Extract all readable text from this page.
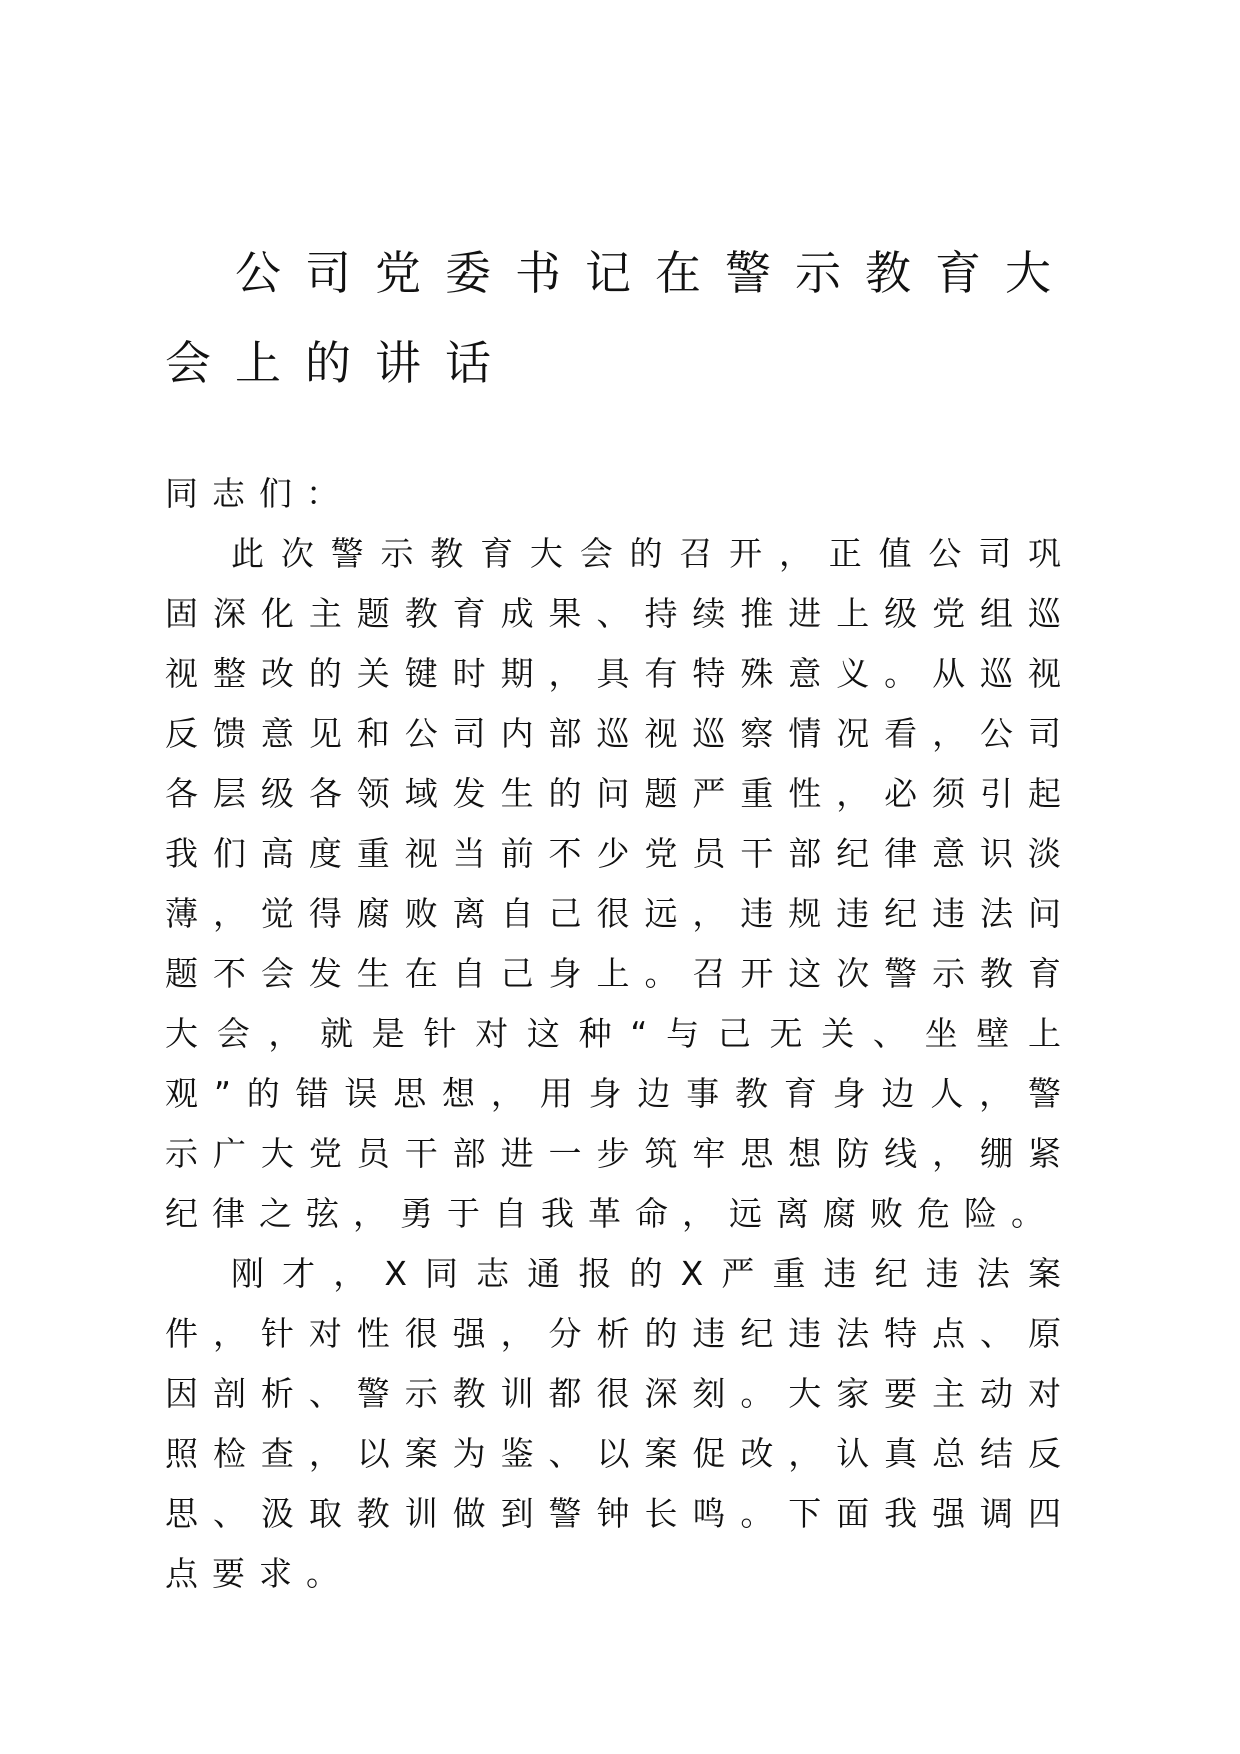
公司党委书记在警示教育大会上的讲话

同志们：

此次警示教育大会的召开，正值公司巩固深化主题教育成果、持续推进上级党组巡视整改的关键时期，具有特殊意义。从巡视反馈意见和公司内部巡视巡察情况看，公司各层级各领域发生的问题严重性，必须引起我们高度重视当前不少党员干部纪律意识淡薄，觉得腐败离自己很远，违规违纪违法问题不会发生在自己身上。召开这次警示教育大会，就是针对这种“与己无关、坐壁上观”的错误思想，用身边事教育身边人，警示广大党员干部进一步筑牢思想防线，绷紧纪律之弦，勇于自我革命，远离腐败危险。

刚才，X同志通报的X严重违纪违法案件，针对性很强，分析的违纪违法特点、原因剖析、警示教训都很深刻。大家要主动对照检查，以案为鉴、以案促改，认真总结反思、汲取教训做到警钟长鸣。下面我强调四点要求。
